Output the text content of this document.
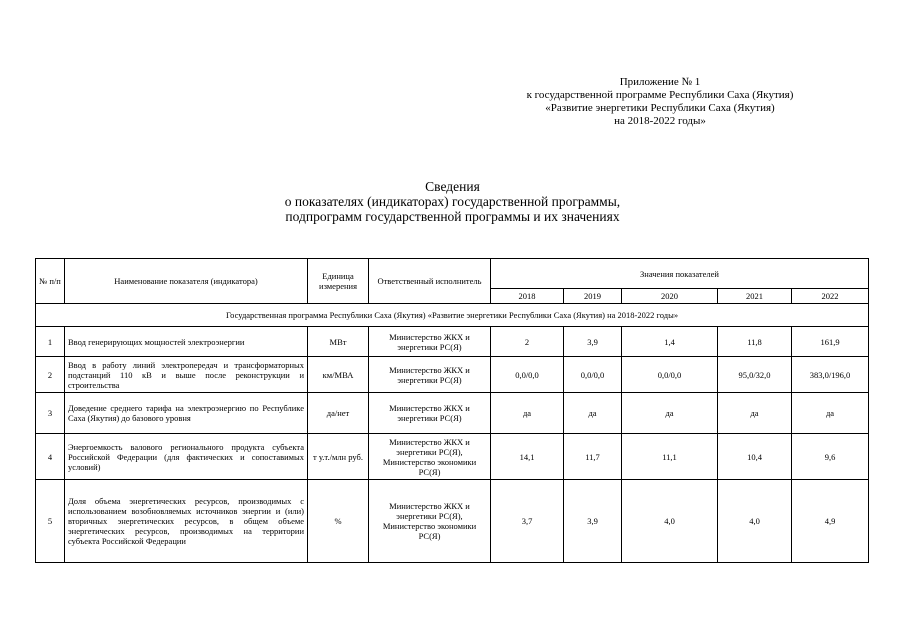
Приложение № 1
к государственной программе Республики Саха (Якутия)
«Развитие энергетики Республики Саха (Якутия)
на 2018-2022 годы»
Сведения
о показателях (индикаторах) государственной программы,
подпрограмм государственной программы и их значениях
№ п/п	Наименование показателя (индикатора)	Единица измерения	Ответственный исполнитель	Значения показателей				
				2018	2019	2020	2021	2022
Государственная программа Республики Саха (Якутия) «Развитие энергетики Республики Саха (Якутия) на 2018-2022 годы»								
1	Ввод генерирующих мощностей электроэнергии	МВт	Министерство ЖКХ и энергетики РС(Я)	2	3,9	1,4	11,8	161,9
2	Ввод в работу линий электропередач и трансформаторных подстанций 110 кВ и выше после реконструкции и строительства	км/МВА	Министерство ЖКХ и энергетики РС(Я)	0,0/0,0	0,0/0,0	0,0/0,0	95,0/32,0	383,0/196,0
3	Доведение среднего тарифа на электроэнергию по Республике Саха (Якутия) до базового уровня	да/нет	Министерство ЖКХ и энергетики РС(Я)	да	да	да	да	да
4	Энергоемкость валового регионального продукта субъекта Российской Федерации (для фактических и сопоставимых условий)	т у.т./млн руб.	Министерство ЖКХ и энергетики РС(Я), Министерство экономики РС(Я)	14,1	11,7	11,1	10,4	9,6
5	Доля объема энергетических ресурсов, производимых с использованием возобновляемых источников энергии и (или) вторичных энергетических ресурсов, в общем объеме энергетических ресурсов, производимых на территории субъекта Российской Федерации	%	Министерство ЖКХ и энергетики РС(Я), Министерство экономики РС(Я)	3,7	3,9	4,0	4,0	4,9
